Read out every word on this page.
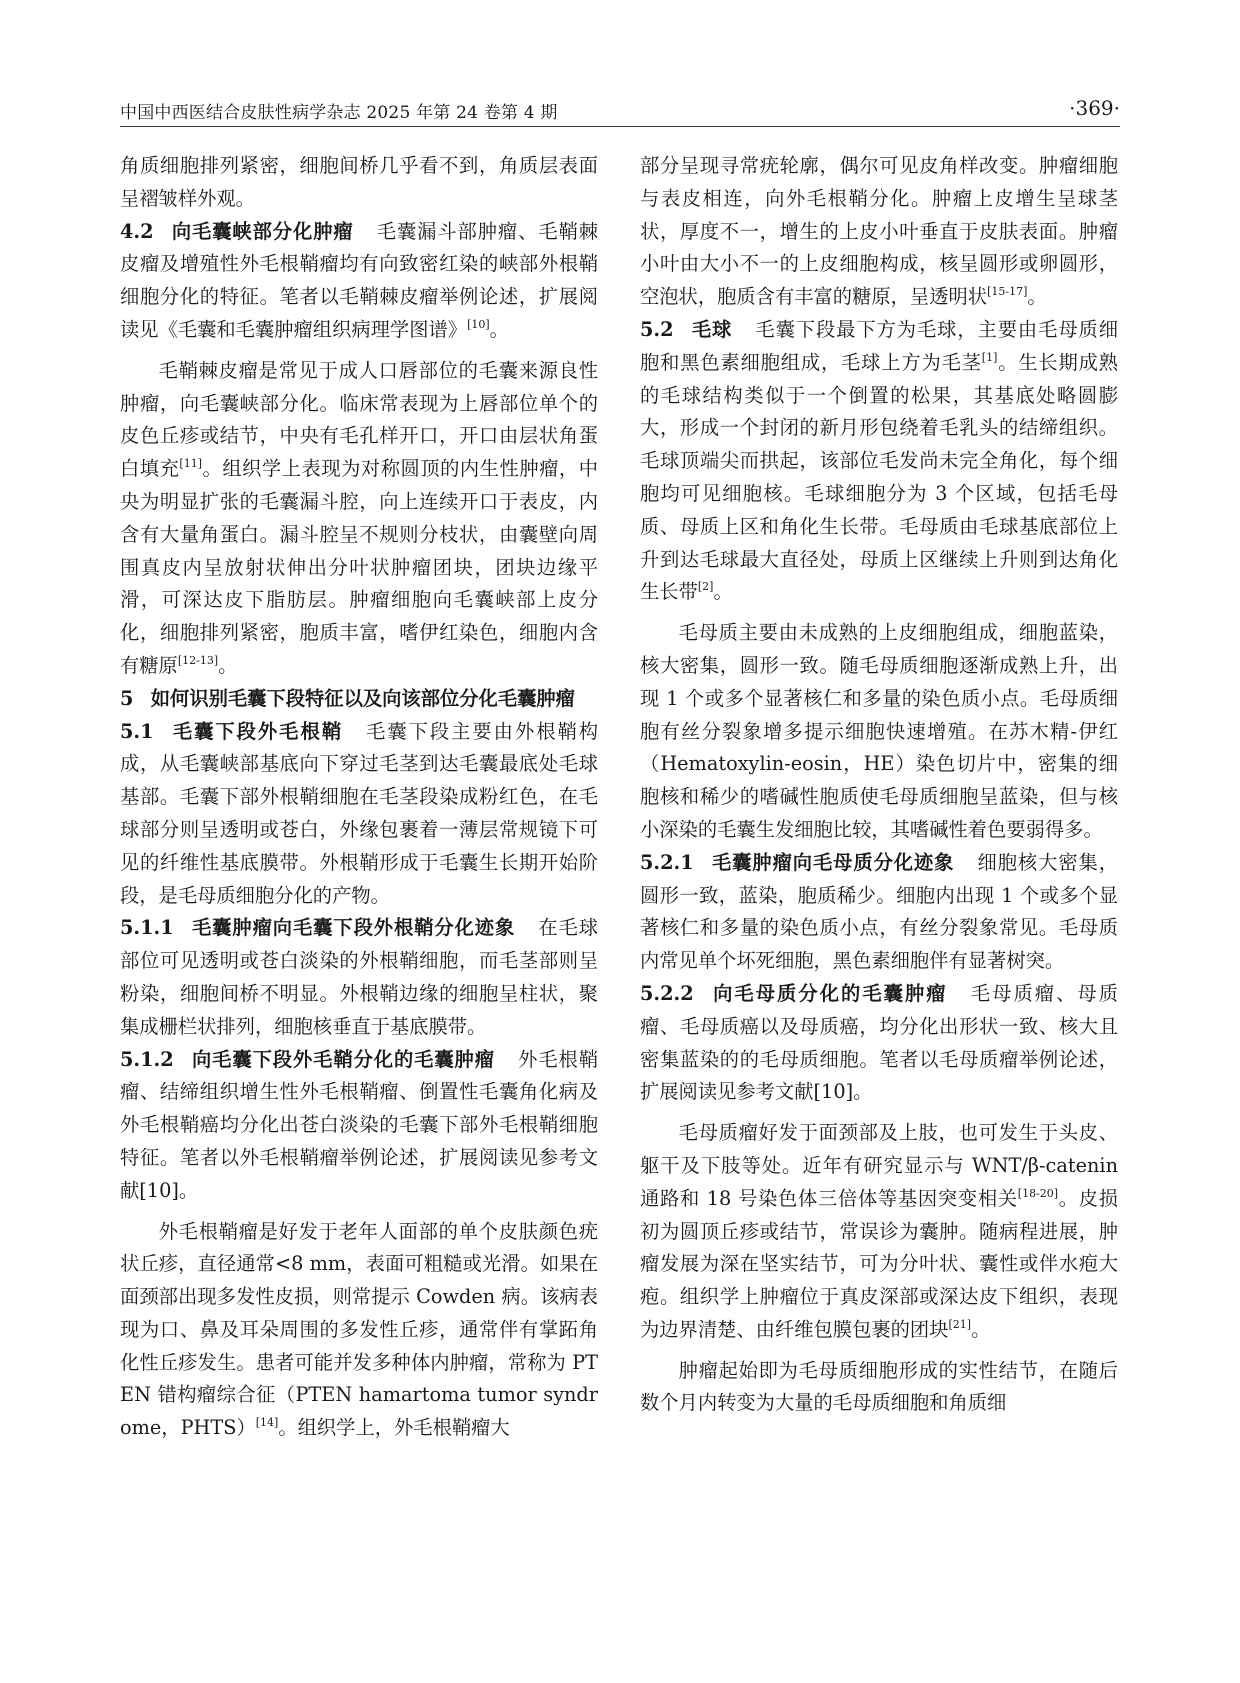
中国中西医结合皮肤性病学杂志 2025 年第 24 卷第 4 期	·369·

角质细胞排列紧密，细胞间桥几乎看不到，角质层表面呈褶皱样外观。

4.2 向毛囊峡部分化肿瘤 毛囊漏斗部肿瘤、毛鞘棘皮瘤及增殖性外毛根鞘瘤均有向致密红染的峡部外根鞘细胞分化的特征。笔者以毛鞘棘皮瘤举例论述，扩展阅读见《毛囊和毛囊肿瘤组织病理学图谱》[10]。

毛鞘棘皮瘤是常见于成人口唇部位的毛囊来源良性肿瘤，向毛囊峡部分化。临床常表现为上唇部位单个的皮色丘疹或结节，中央有毛孔样开口，开口由层状角蛋白填充[11]。组织学上表现为对称圆顶的内生性肿瘤，中央为明显扩张的毛囊漏斗腔，向上连续开口于表皮，内含有大量角蛋白。漏斗腔呈不规则分枝状，由囊壁向周围真皮内呈放射状伸出分叶状肿瘤团块，团块边缘平滑，可深达皮下脂肪层。肿瘤细胞向毛囊峡部上皮分化，细胞排列紧密，胞质丰富，嗜伊红染色，细胞内含有糖原[12-13]。

5 如何识别毛囊下段特征以及向该部位分化毛囊肿瘤

5.1 毛囊下段外毛根鞘 毛囊下段主要由外根鞘构成，从毛囊峡部基底向下穿过毛茎到达毛囊最底处毛球基部。毛囊下部外根鞘细胞在毛茎段染成粉红色，在毛球部分则呈透明或苍白，外缘包裹着一薄层常规镜下可见的纤维性基底膜带。外根鞘形成于毛囊生长期开始阶段，是毛母质细胞分化的产物。

5.1.1 毛囊肿瘤向毛囊下段外根鞘分化迹象 在毛球部位可见透明或苍白淡染的外根鞘细胞，而毛茎部则呈粉染，细胞间桥不明显。外根鞘边缘的细胞呈柱状，聚集成栅栏状排列，细胞核垂直于基底膜带。

5.1.2 向毛囊下段外毛鞘分化的毛囊肿瘤 外毛根鞘瘤、结缔组织增生性外毛根鞘瘤、倒置性毛囊角化病及外毛根鞘癌均分化出苍白淡染的毛囊下部外毛根鞘细胞特征。笔者以外毛根鞘瘤举例论述，扩展阅读见参考文献[10]。

外毛根鞘瘤是好发于老年人面部的单个皮肤颜色疣状丘疹，直径通常<8 mm，表面可粗糙或光滑。如果在面颈部出现多发性皮损，则常提示 Cowden 病。该病表现为口、鼻及耳朵周围的多发性丘疹，通常伴有掌跖角化性丘疹发生。患者可能并发多种体内肿瘤，常称为 PTEN 错构瘤综合征（PTEN hamartoma tumor syndrome，PHTS）[14]。组织学上，外毛根鞘瘤大

部分呈现寻常疣轮廓，偶尔可见皮角样改变。肿瘤细胞与表皮相连，向外毛根鞘分化。肿瘤上皮增生呈球茎状，厚度不一，增生的上皮小叶垂直于皮肤表面。肿瘤小叶由大小不一的上皮细胞构成，核呈圆形或卵圆形，空泡状，胞质含有丰富的糖原，呈透明状[15-17]。

5.2 毛球 毛囊下段最下方为毛球，主要由毛母质细胞和黑色素细胞组成，毛球上方为毛茎[1]。生长期成熟的毛球结构类似于一个倒置的松果，其基底处略圆膨大，形成一个封闭的新月形包绕着毛乳头的结缔组织。毛球顶端尖而拱起，该部位毛发尚未完全角化，每个细胞均可见细胞核。毛球细胞分为 3 个区域，包括毛母质、母质上区和角化生长带。毛母质由毛球基底部位上升到达毛球最大直径处，母质上区继续上升则到达角化生长带[2]。

毛母质主要由未成熟的上皮细胞组成，细胞蓝染，核大密集，圆形一致。随毛母质细胞逐渐成熟上升，出现 1 个或多个显著核仁和多量的染色质小点。毛母质细胞有丝分裂象增多提示细胞快速增殖。在苏木精-伊红（Hematoxylin-eosin，HE）染色切片中，密集的细胞核和稀少的嗜碱性胞质使毛母质细胞呈蓝染，但与核小深染的毛囊生发细胞比较，其嗜碱性着色要弱得多。

5.2.1 毛囊肿瘤向毛母质分化迹象 细胞核大密集，圆形一致，蓝染，胞质稀少。细胞内出现 1 个或多个显著核仁和多量的染色质小点，有丝分裂象常见。毛母质内常见单个坏死细胞，黑色素细胞伴有显著树突。

5.2.2 向毛母质分化的毛囊肿瘤 毛母质瘤、母质瘤、毛母质癌以及母质癌，均分化出形状一致、核大且密集蓝染的的毛母质细胞。笔者以毛母质瘤举例论述，扩展阅读见参考文献[10]。

毛母质瘤好发于面颈部及上肢，也可发生于头皮、躯干及下肢等处。近年有研究显示与 WNT/β-catenin 通路和 18 号染色体三倍体等基因突变相关[18-20]。皮损初为圆顶丘疹或结节，常误诊为囊肿。随病程进展，肿瘤发展为深在坚实结节，可为分叶状、囊性或伴水疱大疱。组织学上肿瘤位于真皮深部或深达皮下组织，表现为边界清楚、由纤维包膜包裹的团块[21]。

肿瘤起始即为毛母质细胞形成的实性结节，在随后数个月内转变为大量的毛母质细胞和角质细
